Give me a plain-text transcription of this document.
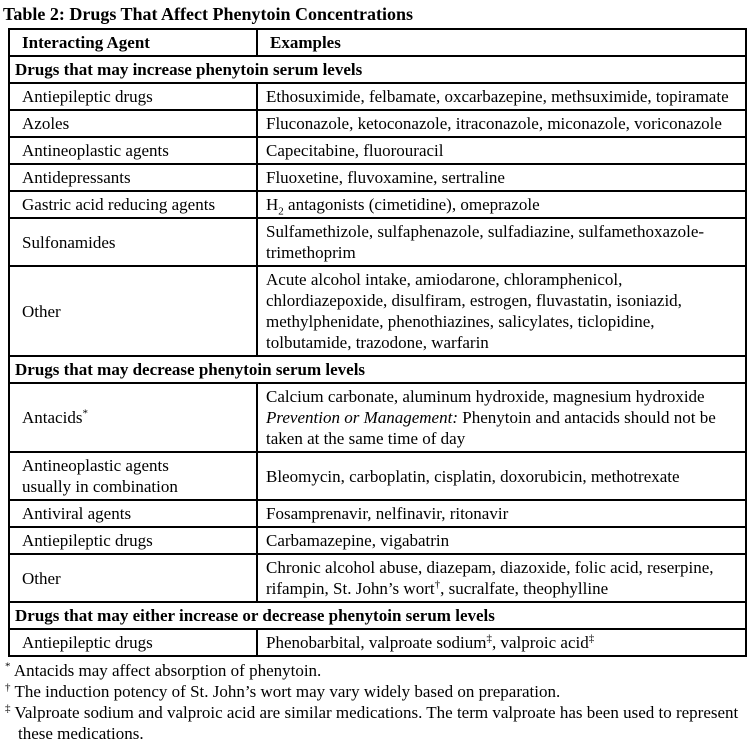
Table 2: Drugs That Affect Phenytoin Concentrations
Interacting Agent	Examples
Drugs that may increase phenytoin serum levels	
Antiepileptic drugs	Ethosuximide, felbamate, oxcarbazepine, methsuximide, topiramate
Azoles	Fluconazole, ketoconazole, itraconazole, miconazole, voriconazole
Antineoplastic agents	Capecitabine, fluorouracil
Antidepressants	Fluoxetine, fluvoxamine, sertraline
Gastric acid reducing agents	$H_2$ antagonists (cimetidine), omeprazole
Sulfonamides	Sulfamethizole, sulfaphenazole, sulfadiazine, sulfamethoxazole-trimethoprim
Other	Acute alcohol intake, amiodarone, chloramphenicol, chlordiazepoxide, disulfiram, estrogen, fluvastatin, isoniazid, methylphenidate, phenothiazines, salicylates, ticlopidine, tolbutamide, trazodone, warfarin
Drugs that may decrease phenytoin serum levels	
Antacids*	Calcium carbonate, aluminum hydroxide, magnesium hydroxide
Prevention or Management: Phenytoin and antacids should not be taken at the same time of day

Antineoplastic agents
usually in combination	Bleomycin, carboplatin, cisplatin, doxorubicin, methotrexate
Antiviral agents	Fosamprenavir, nelfinavir, ritonavir
Antiepileptic drugs	Carbamazepine, vigabatrin
Other	Chronic alcohol abuse, diazepam, diazoxide, folic acid, reserpine, rifampin, St. John’s wort†, sucralfate, theophylline
Drugs that may either increase or decrease phenytoin serum levels	
Antiepileptic drugs	Phenobarbital, valproate sodium‡, valproic acid‡
* Antacids may affect absorption of phenytoin.
† The induction potency of St. John’s wort may vary widely based on preparation.
‡ Valproate sodium and valproic acid are similar medications. The term valproate has been used to represent these medications.
